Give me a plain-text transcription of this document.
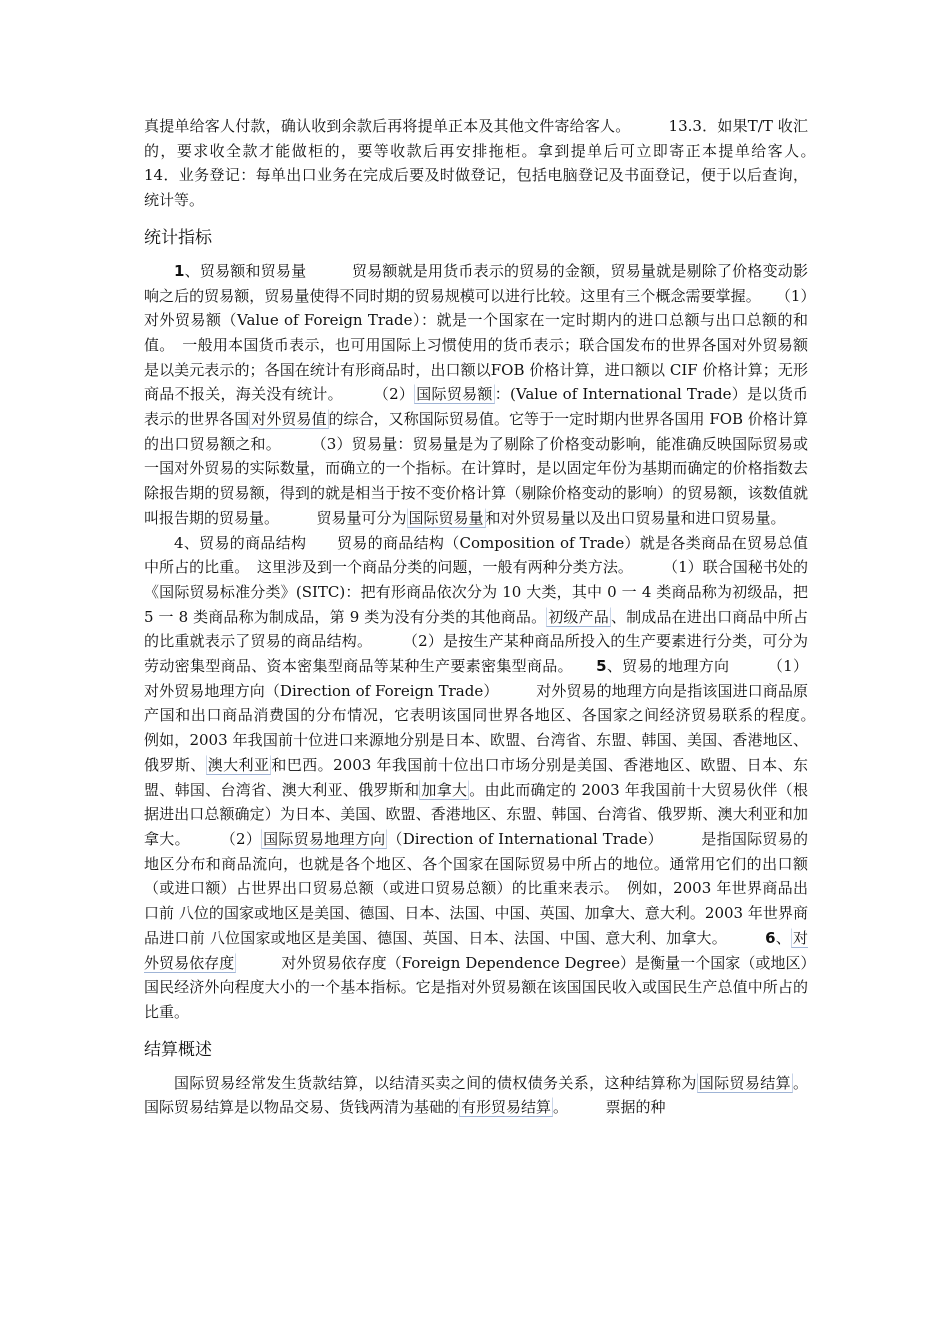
真提单给客人付款，确认收到余款后再将提单正本及其他文件寄给客人。　　　13.3．如果T/T 收汇的，要求收全款才能做柜的，要等收款后再安排拖柜。拿到提单后可立即寄正本提单给客人。　　　14．业务登记：每单出口业务在完成后要及时做登记，包括电脑登记及书面登记，便于以后查询，统计等。

统计指标

1、贸易额和贸易量　　　贸易额就是用货币表示的贸易的金额，贸易量就是剔除了价格变动影响之后的贸易额，贸易量使得不同时期的贸易规模可以进行比较。这里有三个概念需要掌握。　　（1）对外贸易额（Value of Foreign Trade）：就是一个国家在一定时期内的进口总额与出口总额的和值。　一般用本国货币表示，也可用国际上习惯使用的货币表示；联合国发布的世界各国对外贸易额是以美元表示的；各国在统计有形商品时，出口额以FOB 价格计算，进口额以 CIF 价格计算；无形商品不报关，海关没有统计。　　　（2） 国际贸易额 ：(Value of International Trade）是以货币表示的世界各国 对外贸易值 的综合，又称国际贸易值。它等于一定时期内世界各国用 FOB 价格计算的出口贸易额之和。　　　（3）贸易量：贸易量是为了剔除了价格变动影响，能准确反映国际贸易或一国对外贸易的实际数量，而确立的一个指标。在计算时，是以固定年份为基期而确定的价格指数去除报告期的贸易额，得到的就是相当于按不变价格计算（剔除价格变动的影响）的贸易额，该数值就叫报告期的贸易量。　　　贸易量可分为 国际贸易量 和对外贸易量以及出口贸易量和进口贸易量。

4、贸易的商品结构　　贸易的商品结构（Composition of Trade）就是各类商品在贸易总值中所占的比重。　这里涉及到一个商品分类的问题，一般有两种分类方法。　　　（1）联合国秘书处的《国际贸易标准分类》(SITC)：把有形商品依次分为 10 大类，其中 0 一 4 类商品称为初级品，把 5 一 8 类商品称为制成品，第 9 类为没有分类的其他商品。 初级产品 、制成品在进出口商品中所占的比重就表示了贸易的商品结构。　　　（2）是按生产某种商品所投入的生产要素进行分类，可分为劳动密集型商品、资本密集型商品等某种生产要素密集型商品。　　5、贸易的地理方向　　　（1）对外贸易地理方向（Direction of Foreign Trade）　　　对外贸易的地理方向是指该国进口商品原产国和出口商品消费国的分布情况，它表明该国同世界各地区、各国家之间经济贸易联系的程度。　　例如，2003 年我国前十位进口来源地分别是日本、欧盟、台湾省、东盟、韩国、美国、香港地区、俄罗斯、 澳大利亚 和巴西。2003 年我国前十位出口市场分别是美国、香港地区、欧盟、日本、东盟、韩国、台湾省、澳大利亚、俄罗斯和 加拿大 。由此而确定的 2003 年我国前十大贸易伙伴（根据进出口总额确定）为日本、美国、欧盟、香港地区、东盟、韩国、台湾省、俄罗斯、澳大利亚和加拿大。　　　（2） 国际贸易地理方向 （Direction of International Trade）　　　是指国际贸易的地区分布和商品流向，也就是各个地区、各个国家在国际贸易中所占的地位。通常用它们的出口额（或进口额）占世界出口贸易总额（或进口贸易总额）的比重来表示。　例如，2003 年世界商品出口前 八位的国家或地区是美国、德国、日本、法国、中国、英国、加拿大、意大利。2003 年世界商品进口前 八位国家或地区是美国、德国、英国、日本、法国、中国、意大利、加拿大。　　　6、 对外贸易依存度　　　对外贸易依存度（Foreign Dependence Degree）是衡量一个国家（或地区）国民经济外向程度大小的一个基本指标。它是指对外贸易额在该国国民收入或国民生产总值中所占的比重。

结算概述

国际贸易经常发生货款结算，以结清买卖之间的债权债务关系，这种结算称为 国际贸易结算 。国际贸易结算是以物品交易、货钱两清为基础的 有形贸易结算 。　　　票据的种
